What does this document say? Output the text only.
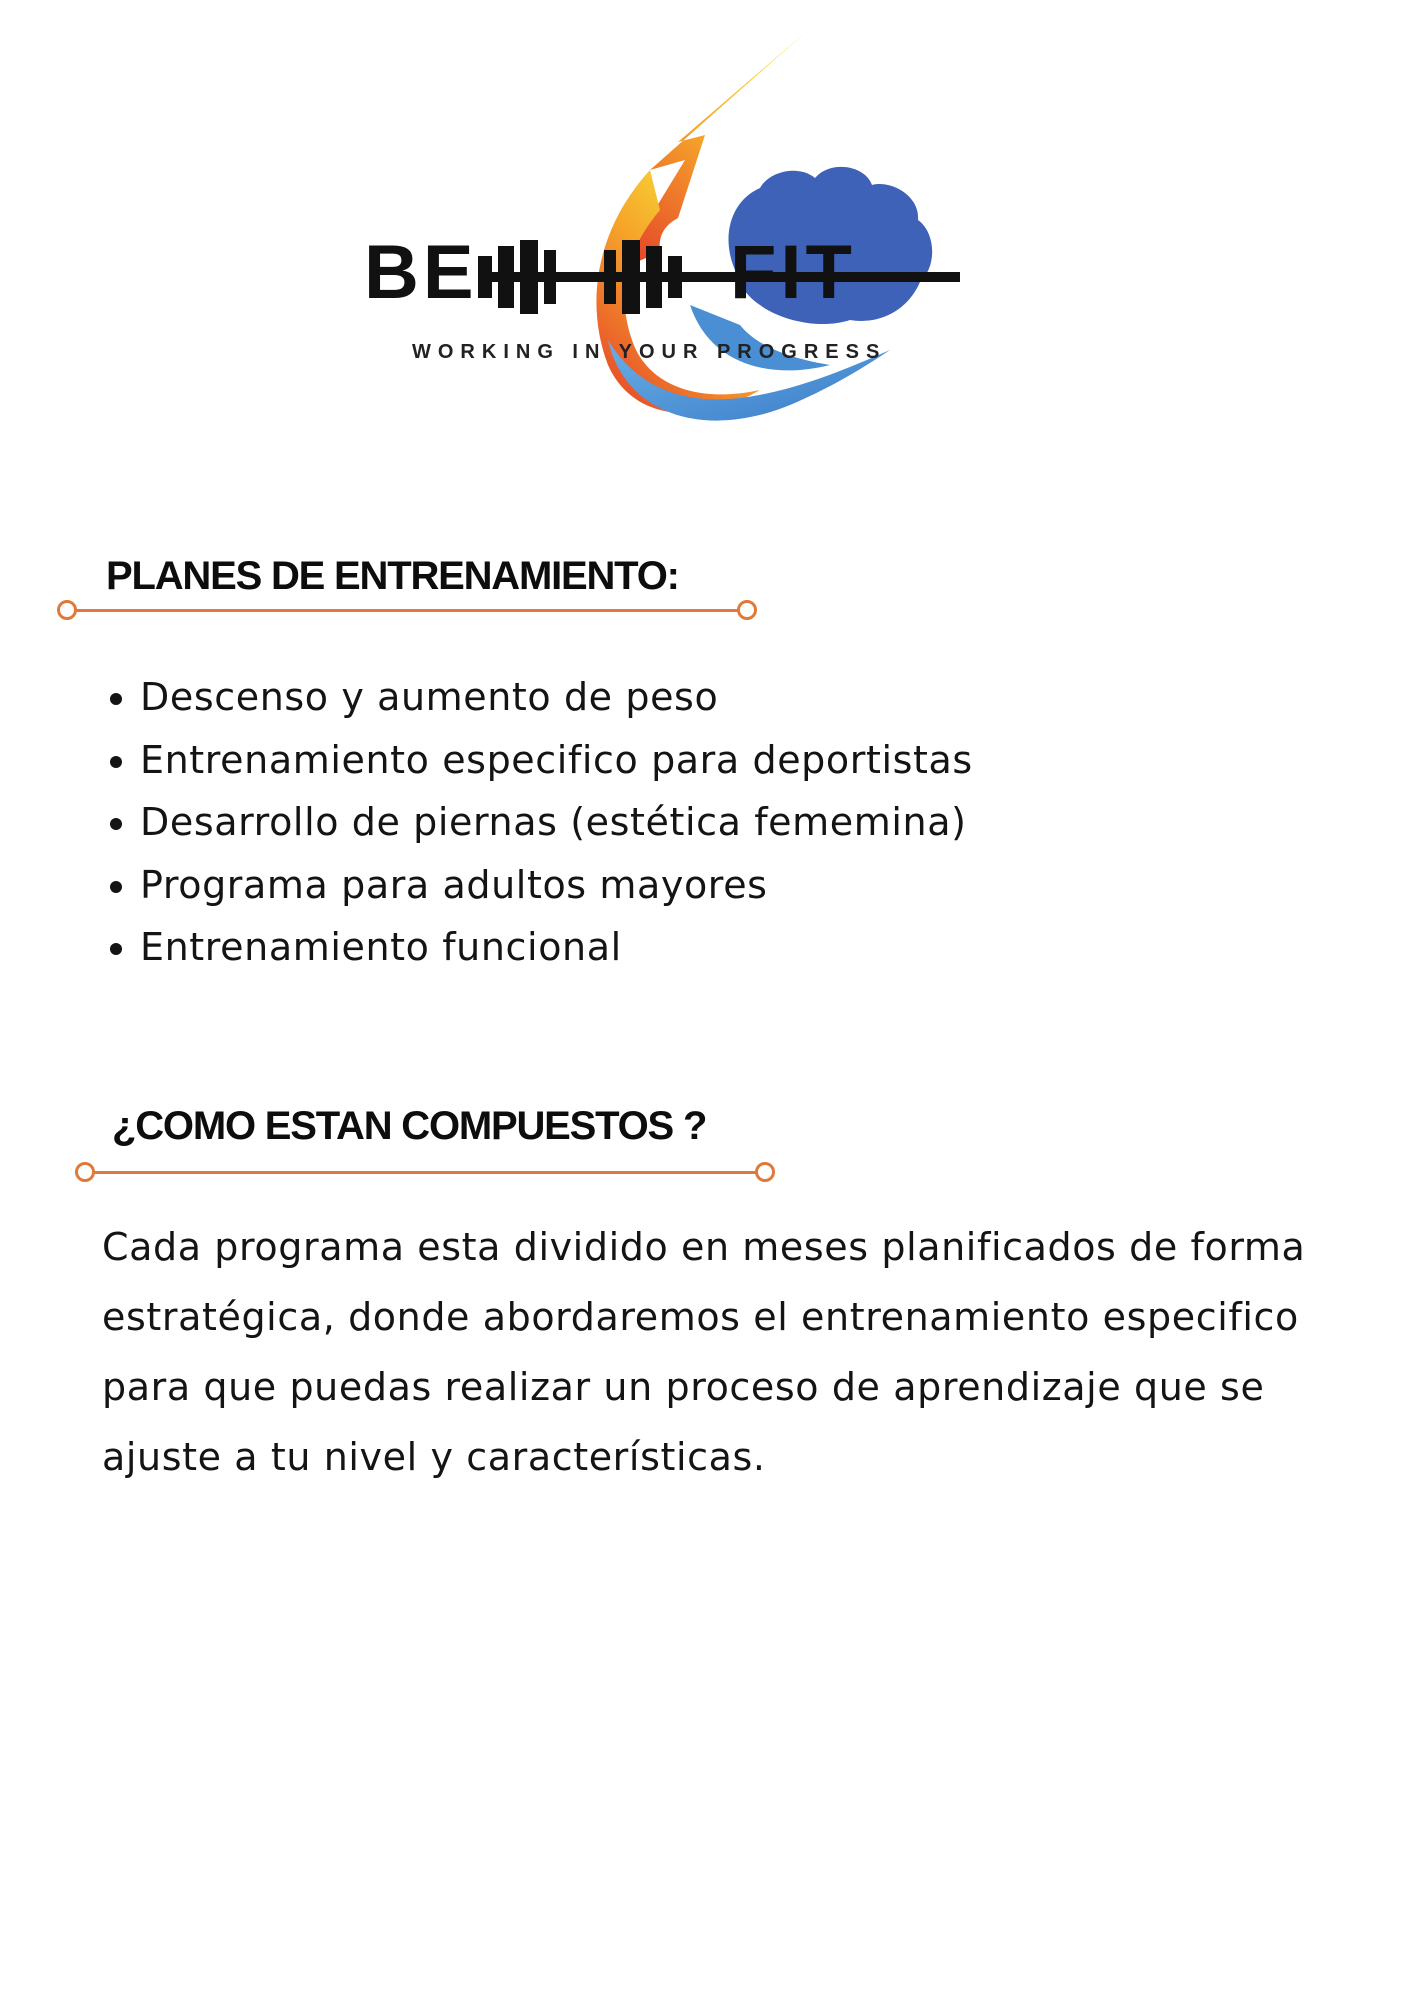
BE	FIT
WORKING IN YOUR PROGRESS
PLANES DE ENTRENAMIENTO:
• Descenso y aumento de peso
• Entrenamiento especifico para deportistas
• Desarrollo de piernas (estética fememina)
• Programa para adultos mayores
• Entrenamiento funcional
¿COMO ESTAN COMPUESTOS ?

Cada programa esta dividido en meses planificados de forma estratégica, donde abordaremos el entrenamiento especifico para que puedas realizar un proceso de aprendizaje que se ajuste a tu nivel y características.
